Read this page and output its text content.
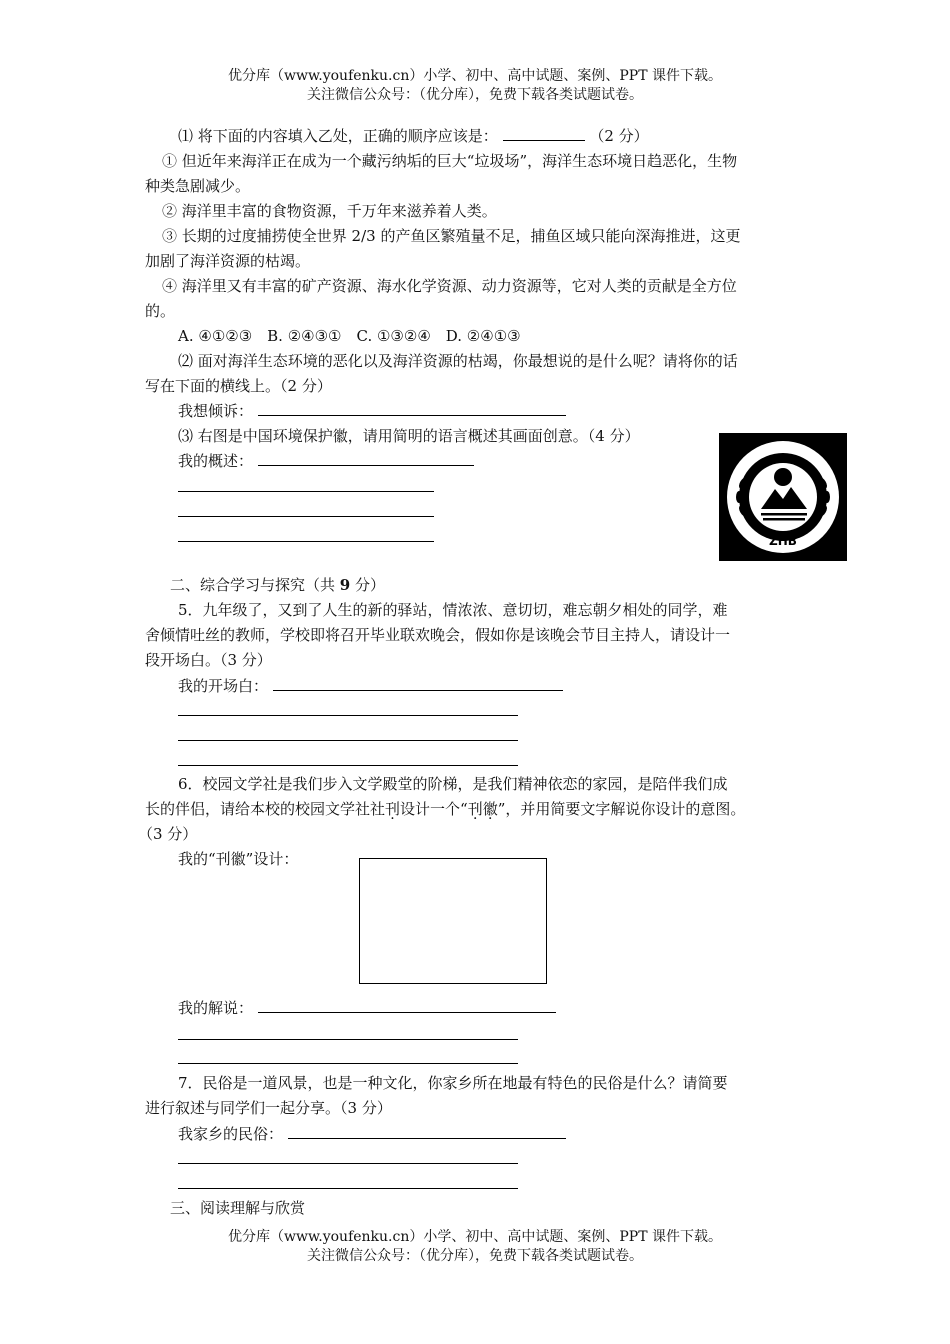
优分库（www.youfenku.cn）小学、初中、高中试题、案例、PPT 课件下载。
关注微信公众号：（优分库），免费下载各类试题试卷。
⑴ 将下面的内容填入乙处，正确的顺序应该是：	（2 分）
① 但近年来海洋正在成为一个藏污纳垢的巨大“垃圾场”，海洋生态环境日趋恶化，生物
种类急剧减少。
② 海洋里丰富的食物资源，千万年来滋养着人类。
③ 长期的过度捕捞使全世界 2/3 的产鱼区繁殖量不足，捕鱼区域只能向深海推进，这更
加剧了海洋资源的枯竭。
④ 海洋里又有丰富的矿产资源、海水化学资源、动力资源等，它对人类的贡献是全方位
的。
A. ④①②③　B. ②④③①　C. ①③②④　D. ②④①③
⑵ 面对海洋生态环境的恶化以及海洋资源的枯竭，你最想说的是什么呢？请将你的话
写在下面的横线上。（2 分）
我想倾诉：
⑶ 右图是中国环境保护徽，请用简明的语言概述其画面创意。（4 分）
我的概述：
ZHB
二、综合学习与探究（共 9 分）
5．九年级了，又到了人生的新的驿站，情浓浓、意切切，难忘朝夕相处的同学，难
舍倾情吐丝的教师，学校即将召开毕业联欢晚会，假如你是该晚会节目主持人，请设计一
段开场白。（3 分）
我的开场白：
6．校园文学社是我们步入文学殿堂的阶梯，是我们精神依恋的家园，是陪伴我们成
长的伴侣，请给本校的校园文学社社刊设计一个“刊徽”，并用简要文字解说你设计的意图。
（3 分）
我的“刊徽”设计：
我的解说：
7．民俗是一道风景，也是一种文化，你家乡所在地最有特色的民俗是什么？请简要
进行叙述与同学们一起分享。（3 分）
我家乡的民俗：
三、阅读理解与欣赏
优分库（www.youfenku.cn）小学、初中、高中试题、案例、PPT 课件下载。
关注微信公众号：（优分库），免费下载各类试题试卷。
